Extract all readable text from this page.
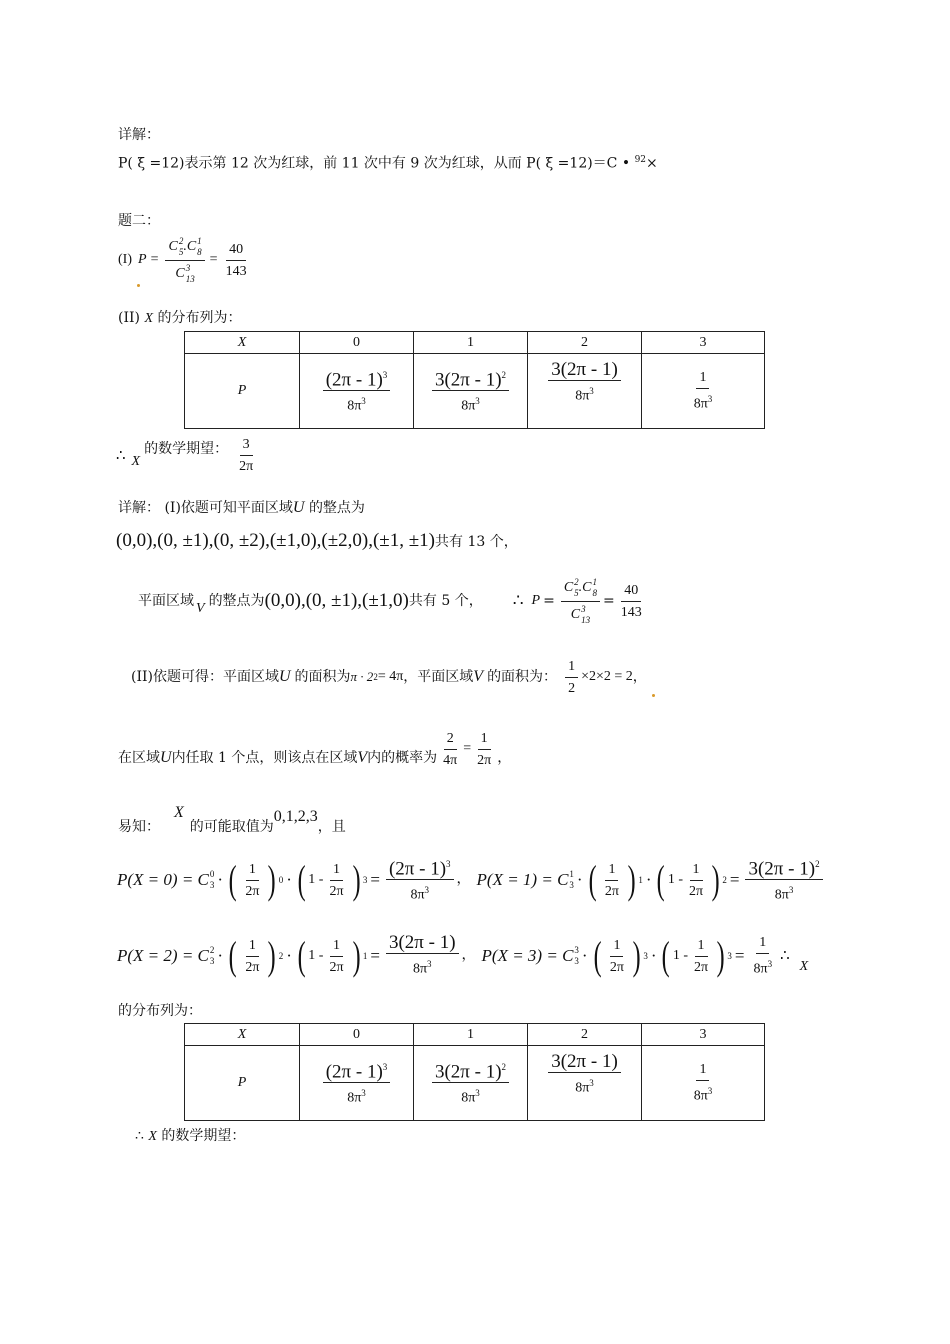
详解：
P( ξ =12)表示第 12 次为红球，前 11 次中有 9 次为红球，从而 P( ξ =12)＝C • $^{92}$×
题二：
(I) P = C 2
5 .C 1
8
C 3
$13 = \frac{40}{143}$
(II) X 的分布列为：
X	0	1	2	3
P	$\frac{(2\pi - 1)^3}{8\pi^3}$	$\frac{3(2\pi - 1)^2}{8\pi^3}$	$\frac{3(2\pi - 1)}{8\pi^3}$	$\frac{1}{8\pi^3}$
∴ X
的数学期望： $\frac{3}{2\pi}$
详解： (I)依题可知平面区域U 的整点为
(0,0),(0, ±1),(0, ±2),(±1,0),(±2,0),(±1, ±1)共有 13 个，
平面区域 V 的整点为 (0,0),(0, ±1),(±1,0) 共有 5 个， ∴ P = C 2
5 .C 1
8
C 3
$13 = \frac{40}{143}$
(II)依题可得：平面区域 U 的面积为 π · 2 2 = 4π ，平面区域 V 的面积为： $\frac{1}{2} \times 2\times 2 = 2$ ，
在区域 U 内任取 1 个点，则该点在区域 V 内的概率为 $\frac{2}{4\pi} = \frac{1}{2\pi}$ ，
易知：
X
的可能取值为
0,1,2,3
，且
P(X = 0) = C 0
3 · ( $\frac{1}{2\pi}$ ) 0 · ( $1 - \frac{1}{2\pi}$ ) $3 = \frac{(2\pi - 1)^3}{8\pi^3}$ ， P(X = 1) = C 1
3 · ( $\frac{1}{2\pi}$ ) 1 · ( $1 - \frac{1}{2\pi}$ ) $2 = \frac{3(2\pi - 1)^2}{8\pi^3}$
P(X = 2) = C 2
3 · ( $\frac{1}{2\pi}$ ) 2 · ( $1 - \frac{1}{2\pi}$ ) $1 = \frac{3(2\pi - 1)}{8\pi^3}$ ， P(X = 3) = C 3
3 · ( $\frac{1}{2\pi}$ ) 3 · ( $1 - \frac{1}{2\pi}$ ) $3 = \frac{1}{8\pi^3}$ ∴
X
的分布列为：
X	0	1	2	3
P	$\frac{(2\pi - 1)^3}{8\pi^3}$	$\frac{3(2\pi - 1)^2}{8\pi^3}$	$\frac{3(2\pi - 1)}{8\pi^3}$	$\frac{1}{8\pi^3}$
∴ X 的数学期望：
